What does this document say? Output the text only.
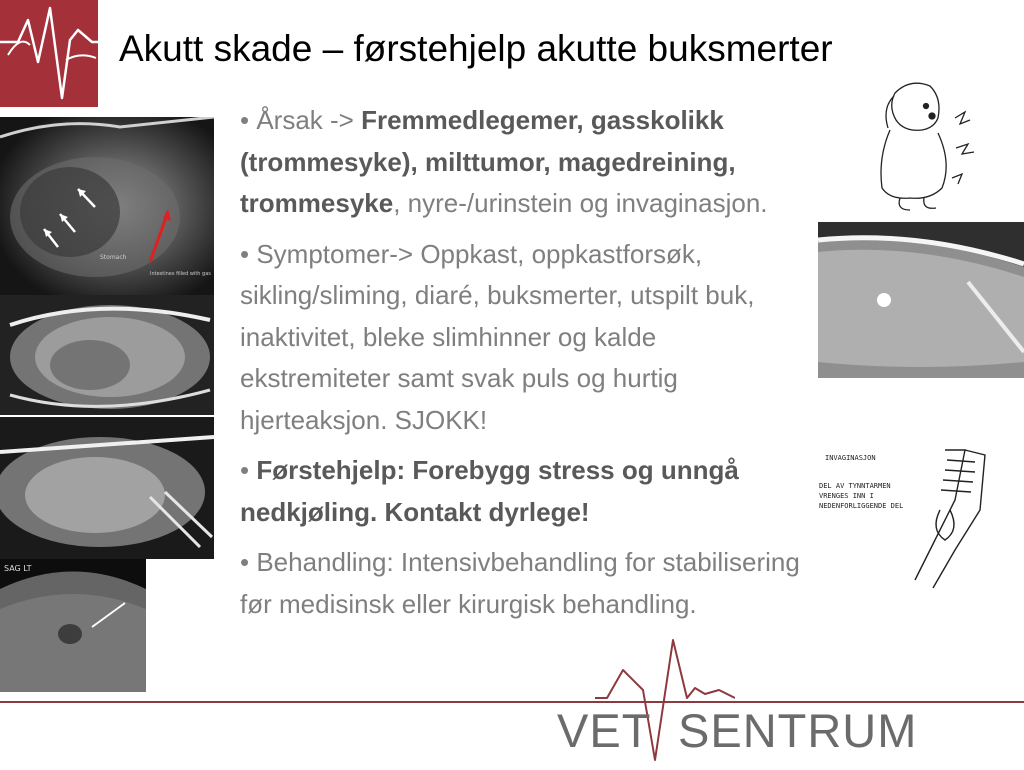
Akutt skade – førstehjelp akutte buksmerter
Stomach
Intestines filled with gas
SAG LT
INVAGINASJON
DEL AV TYNNTARMEN
VRENGES INN I
NEDENFORLIGGENDE DEL

• Årsak -> Fremmedlegemer, gasskolikk (trommesyke), milttumor, magedreining, trommesyke, nyre-/urinstein og invaginasjon.

• Symptomer-> Oppkast, oppkastforsøk, sikling/sliming, diaré, buksmerter, utspilt buk, inaktivitet, bleke slimhinner og kalde ekstremiteter samt svak puls og hurtig hjerteaksjon. SJOKK!

• Førstehjelp: Forebygg stress og unngå nedkjøling. Kontakt dyrlege!

• Behandling: Intensivbehandling for stabilisering før medisinsk eller kirurgisk behandling.

VET SENTRUM
